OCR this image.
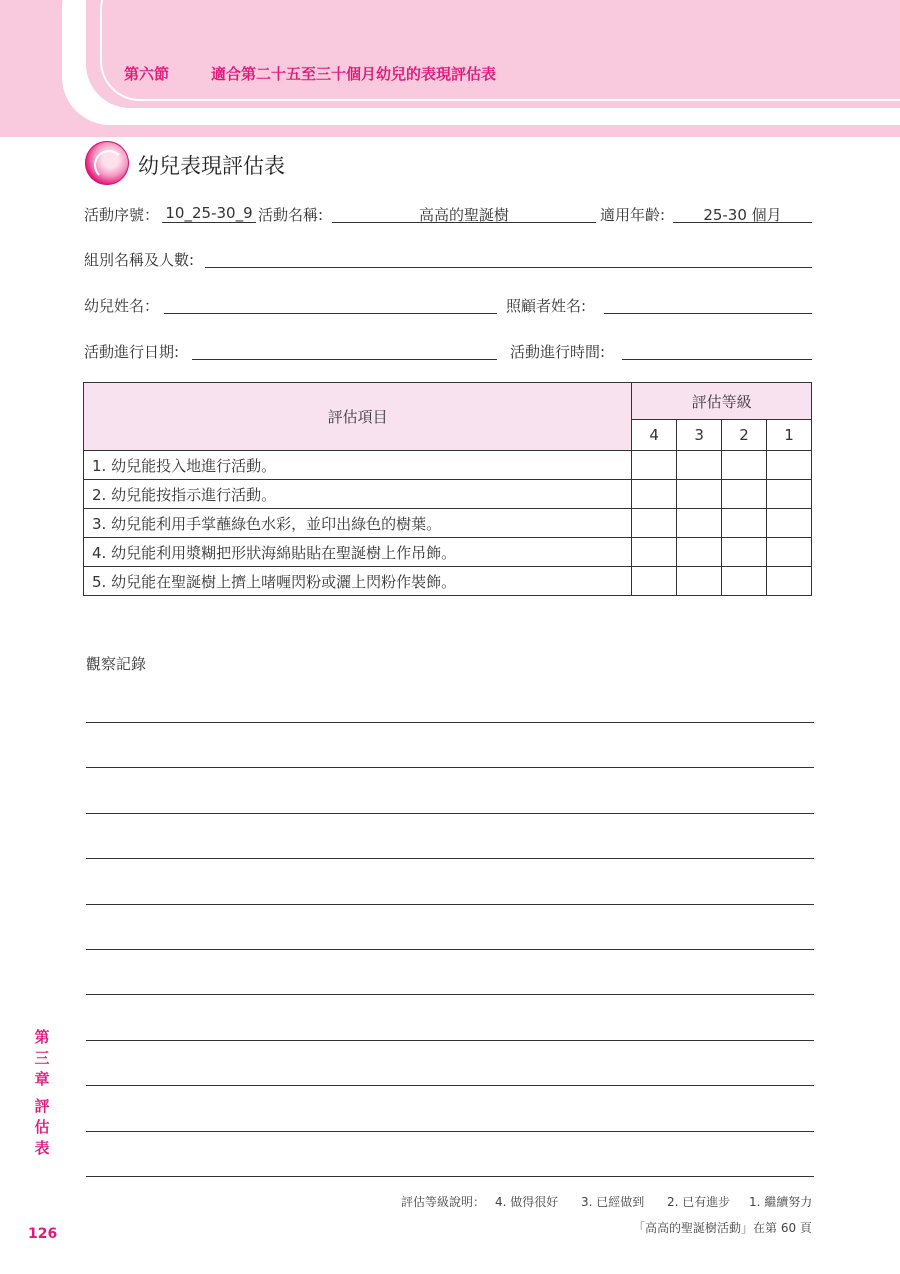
第六節	適合第二十五至三十個月幼兒的表現評估表
幼兒表現評估表
活動序號： 10_25-30_9 活動名稱:	高高的聖誕樹	適用年齡:	25-30 個月
組別名稱及人數:
幼兒姓名：	照顧者姓名:
活動進行日期:	活動進行時間:
評估項目	評估等級			
	4	3	2	1
1. 幼兒能投入地進行活動。				
2. 幼兒能按指示進行活動。				
3. 幼兒能利用手掌蘸綠色水彩，並印出綠色的樹葉。				
4. 幼兒能利用漿糊把形狀海綿貼貼在聖誕樹上作吊飾。				
5. 幼兒能在聖誕樹上擠上啫喱閃粉或灑上閃粉作裝飾。				
觀察記錄
第
三
章
評
估
表
126
評估等級說明： 4. 做得很好 3. 已經做到 2. 已有進步 1. 繼續努力
「高高的聖誕樹活動」在第 60 頁
